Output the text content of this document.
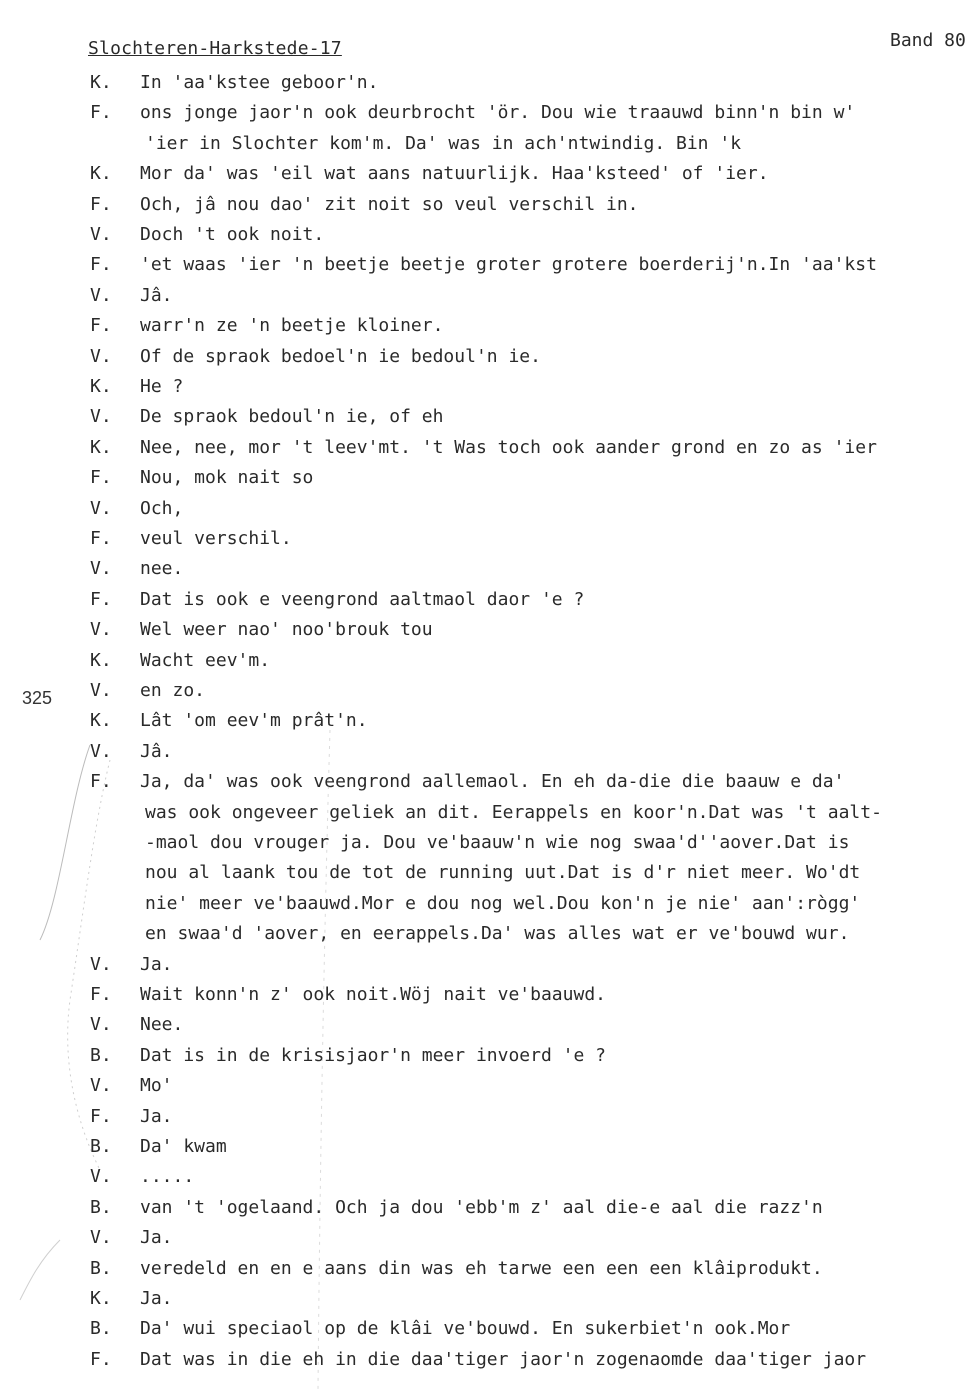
Slochteren-Harkstede-17	Band 80
325
K. In 'aa'kstee geboor'n.
F. ons jonge jaor'n ook deurbrocht 'ör. Dou wie traauwd binn'n bin w'
'ier in Slochter kom'm. Da' was in ach'ntwindig. Bin 'k
K. Mor da' was 'eil wat aans natuurlijk. Haa'ksteed' of 'ier.
F. Och, jâ nou dao' zit noit so veul verschil in.
V. Doch 't ook noit.
F. 'et waas 'ier 'n beetje beetje groter grotere boerderij'n.In 'aa'kst
V. Jâ.
F. warr'n ze 'n beetje kloiner.
V. Of de spraok bedoel'n ie bedoul'n ie.
K. He ?
V. De spraok bedoul'n ie, of eh
K. Nee, nee, mor 't leev'mt. 't Was toch ook aander grond en zo as 'ier
F. Nou, mok nait so
V. Och,
F. veul verschil.
V. nee.
F. Dat is ook e veengrond aaltmaol daor 'e ?
V. Wel weer nao' noo'brouk tou
K. Wacht eev'm.
V. en zo.
K. Lât 'om eev'm prât'n.
V. Jâ.
F. Ja, da' was ook veengrond aallemaol. En eh da-die die baauw e da'
was ook ongeveer geliek an dit. Eerappels en koor'n.Dat was 't aalt-
-maol dou vrouger ja. Dou ve'baauw'n wie nog swaa'd''aover.Dat is
nou al laank tou de tot de running uut.Dat is d'r niet meer. Wo'dt
nie' meer ve'baauwd.Mor e dou nog wel.Dou kon'n je nie' aan':rògg'
en swaa'd 'aover, en eerappels.Da' was alles wat er ve'bouwd wur.
V. Ja.
F. Wait konn'n z' ook noit.Wöj nait ve'baauwd.
V. Nee.
B. Dat is in de krisisjaor'n meer invoerd 'e ?
V. Mo'
F. Ja.
B. Da' kwam
V. .....
B. van 't 'ogelaand. Och ja dou 'ebb'm z' aal die-e aal die razz'n
V. Ja.
B. veredeld en en e aans din was eh tarwe een een een klâiprodukt.
K. Ja.
B. Da' wui speciaol op de klâi ve'bouwd. En sukerbiet'n ook.Mor
F. Dat was in die eh in die daa'tiger jaor'n zogenaomde daa'tiger jaor
